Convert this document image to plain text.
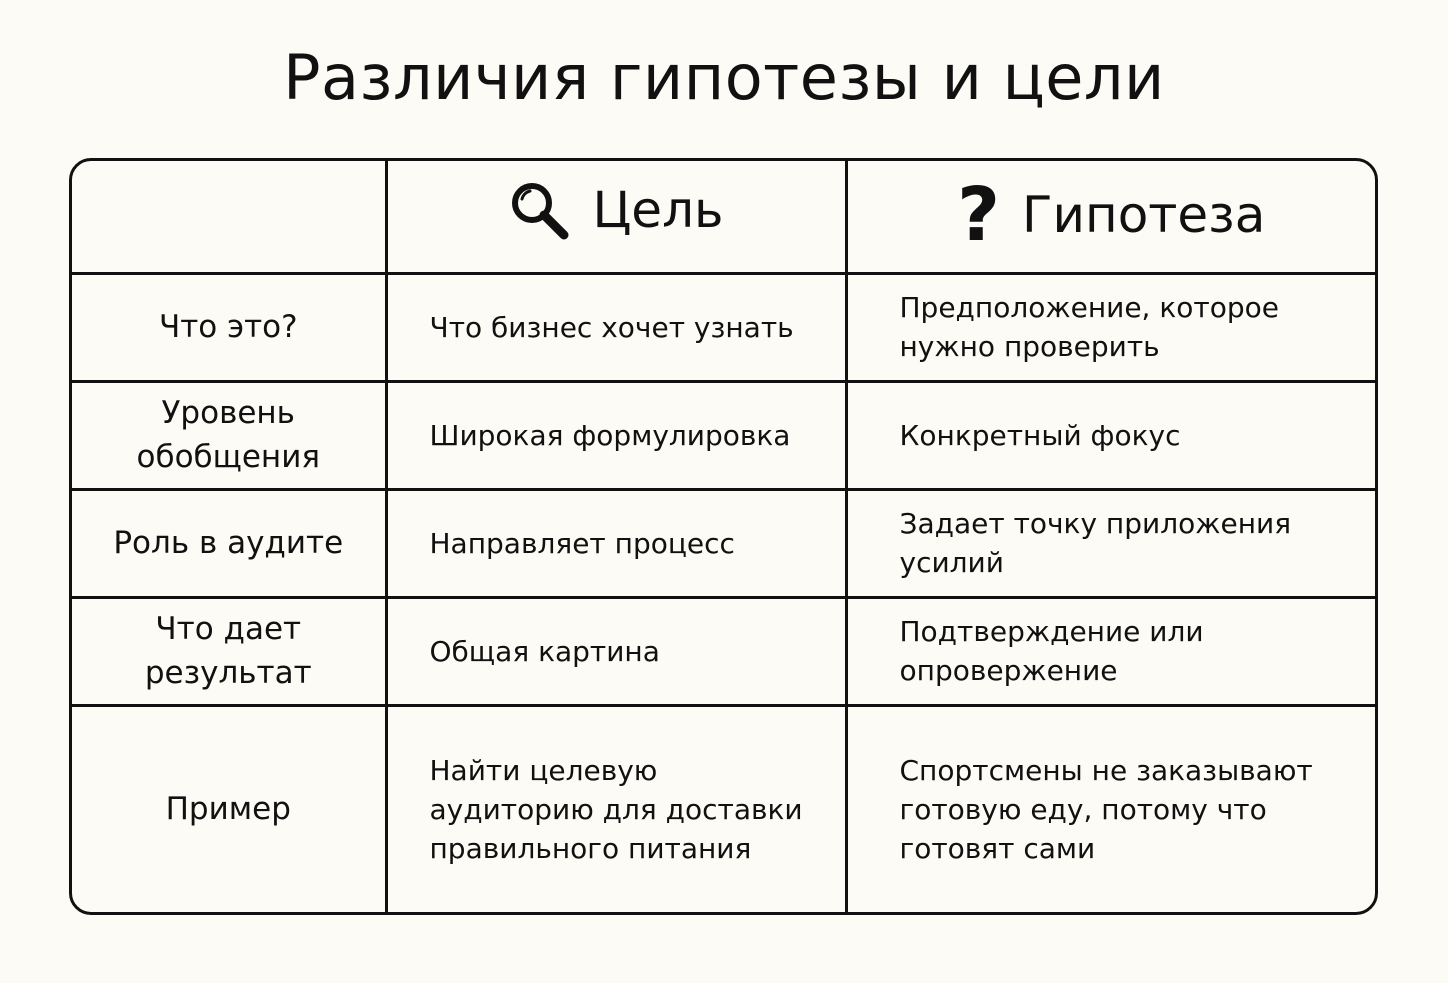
Различия гипотезы и цели

	Цель	? Гипотеза

Что это?	Что бизнес хочет узнать	Предположение, которое нужно проверить
Уровень обобщения	Широкая формулировка	Конкретный фокус
Роль в аудите	Направляет процесс	Задает точку приложения усилий
Что дает результат	Общая картина	Подтверждение или опровержение
Пример	Найти целевую аудиторию для доставки правильного питания	Спортсмены не заказывают готовую еду, потому что готовят сами
